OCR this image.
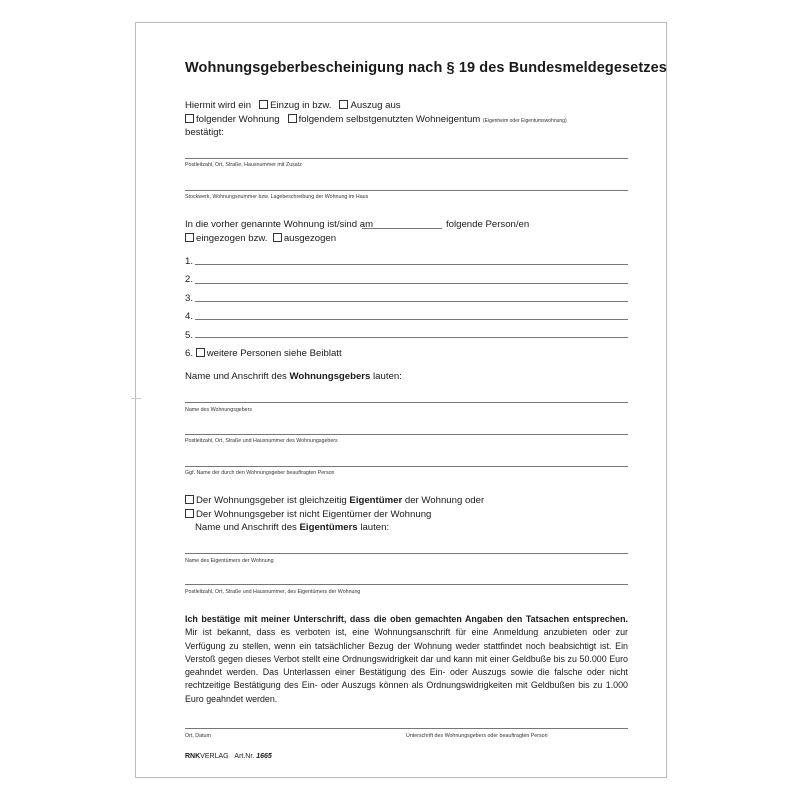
Wohnungsgeberbescheinigung nach § 19 des Bundesmeldegesetzes
Hiermit wird ein Einzug in bzw. Auszug aus
folgender Wohnung folgendem selbstgenutzten Wohneigentum (Eigenheim oder Eigentumswohnung)
bestätigt:
Postleitzahl, Ort, Straße, Hausnummer mit Zusatz
Stockwerk, Wohnungsnummer bzw. Lagebeschreibung der Wohnung im Haus
In die vorher genannte Wohnung ist/sind am	folgende Person/en
eingezogen bzw. ausgezogen
1.
2.
3.
4.
5.
6. weitere Personen siehe Beiblatt
Name und Anschrift des Wohnungsgebers lauten:
Name des Wohnungsgebers
Postleitzahl, Ort, Straße und Hausnummer des Wohnungsgebers
Ggf. Name der durch den Wohnungsgeber beauftragten Person
Der Wohnungsgeber ist gleichzeitig Eigentümer der Wohnung oder
Der Wohnungsgeber ist nicht Eigentümer der Wohnung
Name und Anschrift des Eigentümers lauten:
Name des Eigentümers der Wohnung
Postleitzahl, Ort, Straße und Hausnummer, des Eigentümers der Wohnung
Ich bestätige mit meiner Unterschrift, dass die oben gemachten Angaben den Tatsachen entsprechen. Mir ist bekannt, dass es verboten ist, eine Wohnungsanschrift für eine Anmeldung anzubieten oder zur Verfügung zu stellen, wenn ein tatsächlicher Bezug der Wohnung weder stattfindet noch beabsichtigt ist. Ein Verstoß gegen dieses Verbot stellt eine Ordnungswidrigkeit dar und kann mit einer Geldbuße bis zu 50.000 Euro geahndet werden. Das Unterlassen einer Bestätigung des Ein- oder Auszugs sowie die falsche oder nicht rechtzeitige Bestätigung des Ein- oder Auszugs können als Ordnungswidrigkeiten mit Geldbußen bis zu 1.000 Euro geahndet werden.
Ort, Datum	Unterschrift des Wohnungsgebers oder beauftragten Person
RNKVERLAG Art.Nr. 1665
